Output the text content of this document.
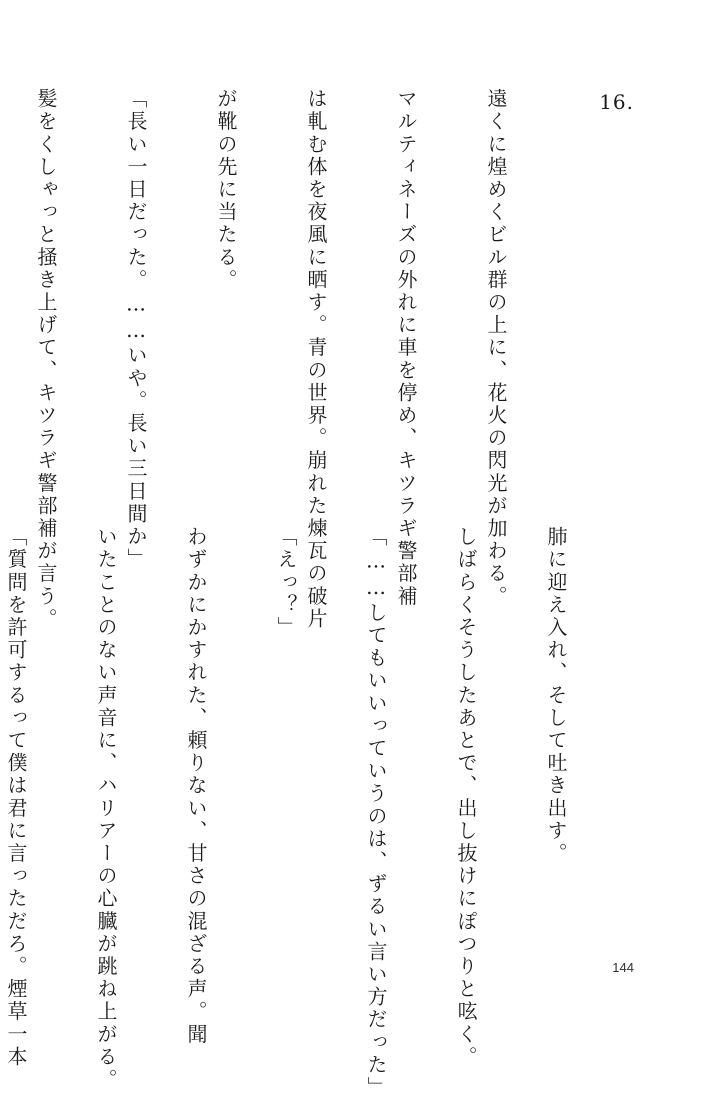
16.

遠くに煌めくビル群の上に、花火の閃光が加わる。

マルティネーズの外れに車を停め、キツラギ警部補

は軋む体を夜風に晒す。青の世界。崩れた煉瓦の破片

が靴の先に当たる。

「長い一日だった。……いや。長い三日間か」

髪をくしゃっと掻き上げて、キツラギ警部補が言う。

肺に迎え入れ、そして吐き出す。

しばらくそうしたあとで、出し抜けにぽつりと呟く。

「……してもいいっていうのは、ずるい言い方だった」

「えっ？」

わずかにかすれた、頼りない、甘さの混ざる声。聞

いたことのない声音に、ハリアーの心臓が跳ね上がる。

「質問を許可するって僕は君に言っただろ。煙草一本

	144
